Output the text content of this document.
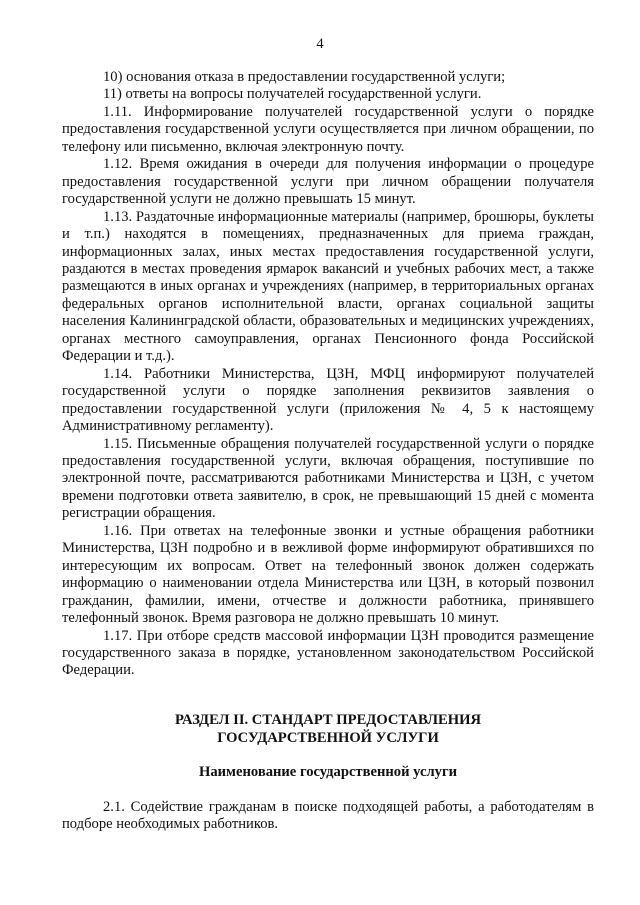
4

10) основания отказа в предоставлении государственной услуги;

11) ответы на вопросы получателей государственной услуги.

1.11. Информирование получателей государственной услуги о порядке предоставления государственной услуги осуществляется при личном обращении, по телефону или письменно, включая электронную почту.

1.12. Время ожидания в очереди для получения информации о процедуре предоставления государственной услуги при личном обращении получателя государственной услуги не должно превышать 15 минут.

1.13. Раздаточные информационные материалы (например, брошюры, буклеты и т.п.) находятся в помещениях, предназначенных для приема граждан, информационных залах, иных местах предоставления государственной услуги, раздаются в местах проведения ярмарок вакансий и учебных рабочих мест, а также размещаются в иных органах и учреждениях (например, в территориальных органах федеральных органов исполнительной власти, органах социальной защиты населения Калининградской области, образовательных и медицинских учреждениях, органах местного самоуправления, органах Пенсионного фонда Российской Федерации и т.д.).

1.14. Работники Министерства, ЦЗН, МФЦ информируют получателей государственной услуги о порядке заполнения реквизитов заявления о предоставлении государственной услуги (приложения № 4, 5 к настоящему Административному регламенту).

1.15. Письменные обращения получателей государственной услуги о порядке предоставления государственной услуги, включая обращения, поступившие по электронной почте, рассматриваются работниками Министерства и ЦЗН, с учетом времени подготовки ответа заявителю, в срок, не превышающий 15 дней с момента регистрации обращения.

1.16. При ответах на телефонные звонки и устные обращения работники Министерства, ЦЗН подробно и в вежливой форме информируют обратившихся по интересующим их вопросам. Ответ на телефонный звонок должен содержать информацию о наименовании отдела Министерства или ЦЗН, в который позвонил гражданин, фамилии, имени, отчестве и должности работника, принявшего телефонный звонок. Время разговора не должно превышать 10 минут.

1.17. При отборе средств массовой информации ЦЗН проводится размещение государственного заказа в порядке, установленном законодательством Российской Федерации.

РАЗДЕЛ II. СТАНДАРТ ПРЕДОСТАВЛЕНИЯ
ГОСУДАРСТВЕННОЙ УСЛУГИ
Наименование государственной услуги

2.1. Содействие гражданам в поиске подходящей работы, а работодателям в подборе необходимых работников.
